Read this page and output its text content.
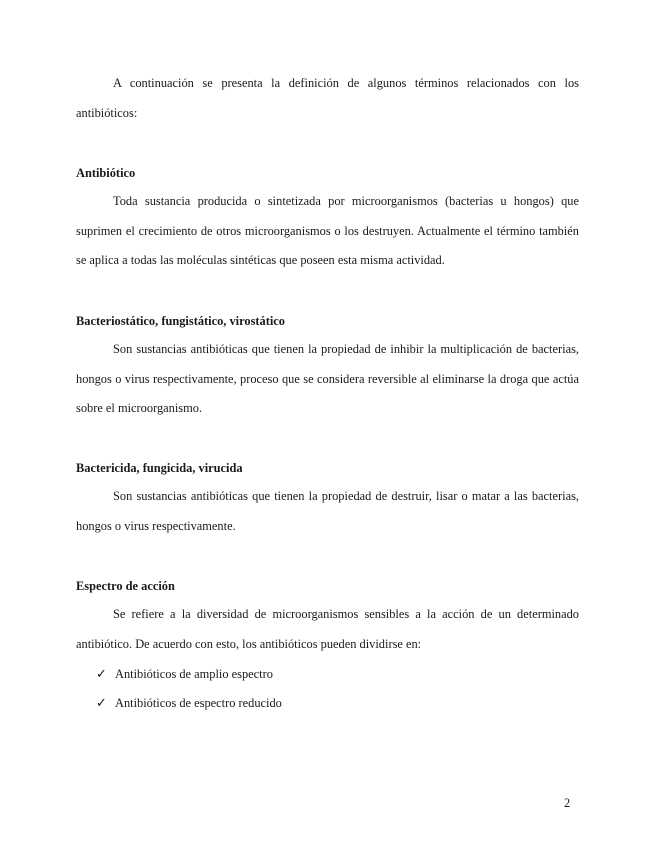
A continuación se presenta la definición de algunos términos relacionados con los antibióticos:

Antibiótico

Toda sustancia producida o sintetizada por microorganismos (bacterias u hongos) que suprimen el crecimiento de otros microorganismos o los destruyen. Actualmente el término también se aplica a todas las moléculas sintéticas que poseen esta misma actividad.

Bacteriostático, fungistático, virostático

Son sustancias antibióticas que tienen la propiedad de inhibir la multiplicación de bacterias, hongos o virus respectivamente, proceso que se considera reversible al eliminarse la droga que actúa sobre el microorganismo.

Bactericida, fungicida, virucida

Son sustancias antibióticas que tienen la propiedad de destruir, lisar o matar a las bacterias, hongos o virus respectivamente.

Espectro de acción

Se refiere a la diversidad de microorganismos sensibles a la acción de un determinado antibiótico. De acuerdo con esto, los antibióticos pueden dividirse en:

✓ Antibióticos de amplio espectro
✓ Antibióticos de espectro reducido
2
